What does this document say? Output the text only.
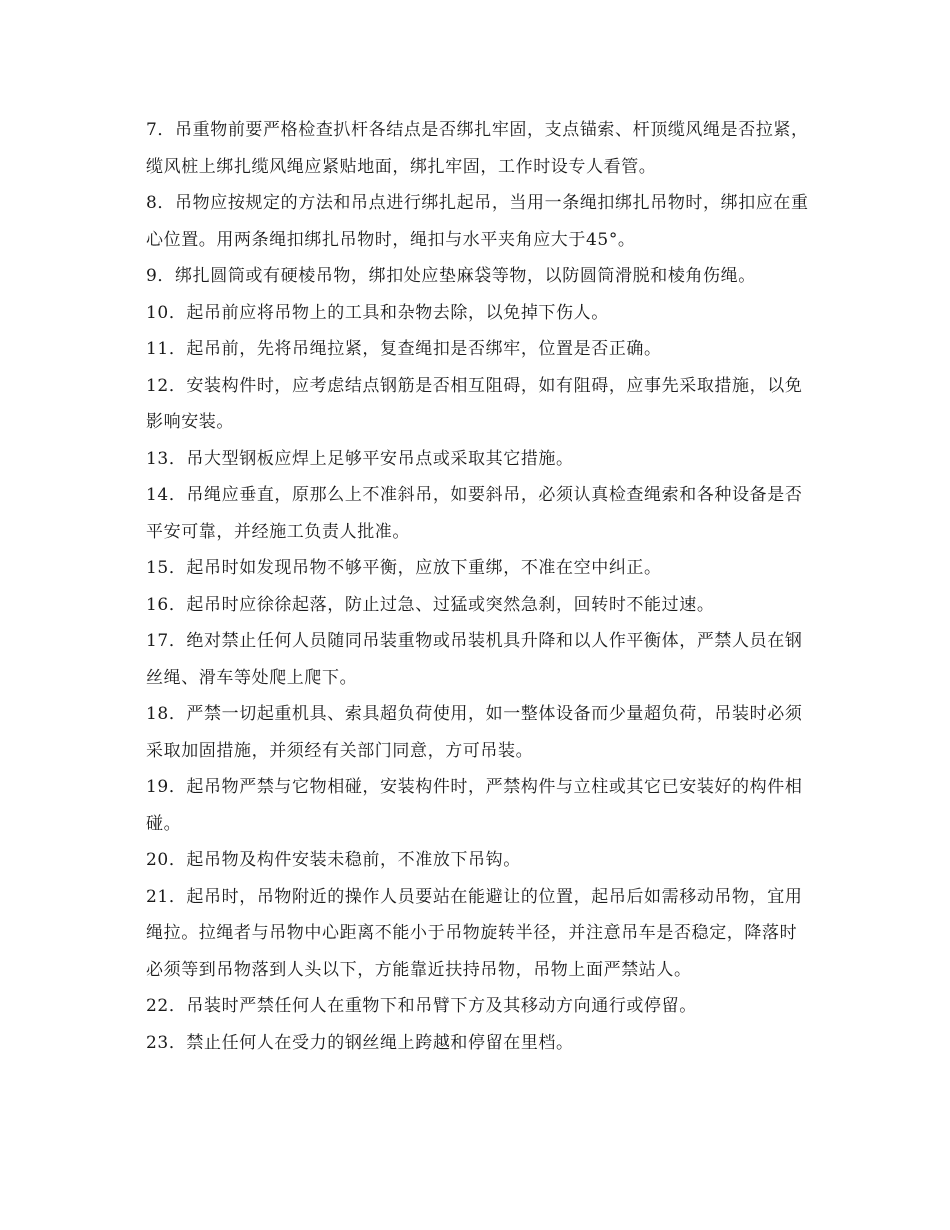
7．吊重物前要严格检查扒杆各结点是否绑扎牢固，支点锚索、杆顶缆风绳是否拉紧，缆风桩上绑扎缆风绳应紧贴地面，绑扎牢固，工作时设专人看管。

8．吊物应按规定的方法和吊点进行绑扎起吊，当用一条绳扣绑扎吊物时，绑扣应在重心位置。用两条绳扣绑扎吊物时，绳扣与水平夹角应大于45°。

9．绑扎圆筒或有硬棱吊物，绑扣处应垫麻袋等物，以防圆筒滑脱和棱角伤绳。

10．起吊前应将吊物上的工具和杂物去除，以免掉下伤人。

11．起吊前，先将吊绳拉紧，复查绳扣是否绑牢，位置是否正确。

12．安装构件时，应考虑结点钢筋是否相互阻碍，如有阻碍，应事先采取措施，以免影响安装。

13．吊大型钢板应焊上足够平安吊点或采取其它措施。

14．吊绳应垂直，原那么上不准斜吊，如要斜吊，必须认真检查绳索和各种设备是否平安可靠，并经施工负责人批准。

15．起吊时如发现吊物不够平衡，应放下重绑，不准在空中纠正。

16．起吊时应徐徐起落，防止过急、过猛或突然急刹，回转时不能过速。

17．绝对禁止任何人员随同吊装重物或吊装机具升降和以人作平衡体，严禁人员在钢丝绳、滑车等处爬上爬下。

18．严禁一切起重机具、索具超负荷使用，如一整体设备而少量超负荷，吊装时必须采取加固措施，并须经有关部门同意，方可吊装。

19．起吊物严禁与它物相碰，安装构件时，严禁构件与立柱或其它已安装好的构件相碰。

20．起吊物及构件安装未稳前，不准放下吊钩。

21．起吊时，吊物附近的操作人员要站在能避让的位置，起吊后如需移动吊物，宜用绳拉。拉绳者与吊物中心距离不能小于吊物旋转半径，并注意吊车是否稳定，降落时必须等到吊物落到人头以下，方能靠近扶持吊物，吊物上面严禁站人。

22．吊装时严禁任何人在重物下和吊臂下方及其移动方向通行或停留。

23．禁止任何人在受力的钢丝绳上跨越和停留在里档。
